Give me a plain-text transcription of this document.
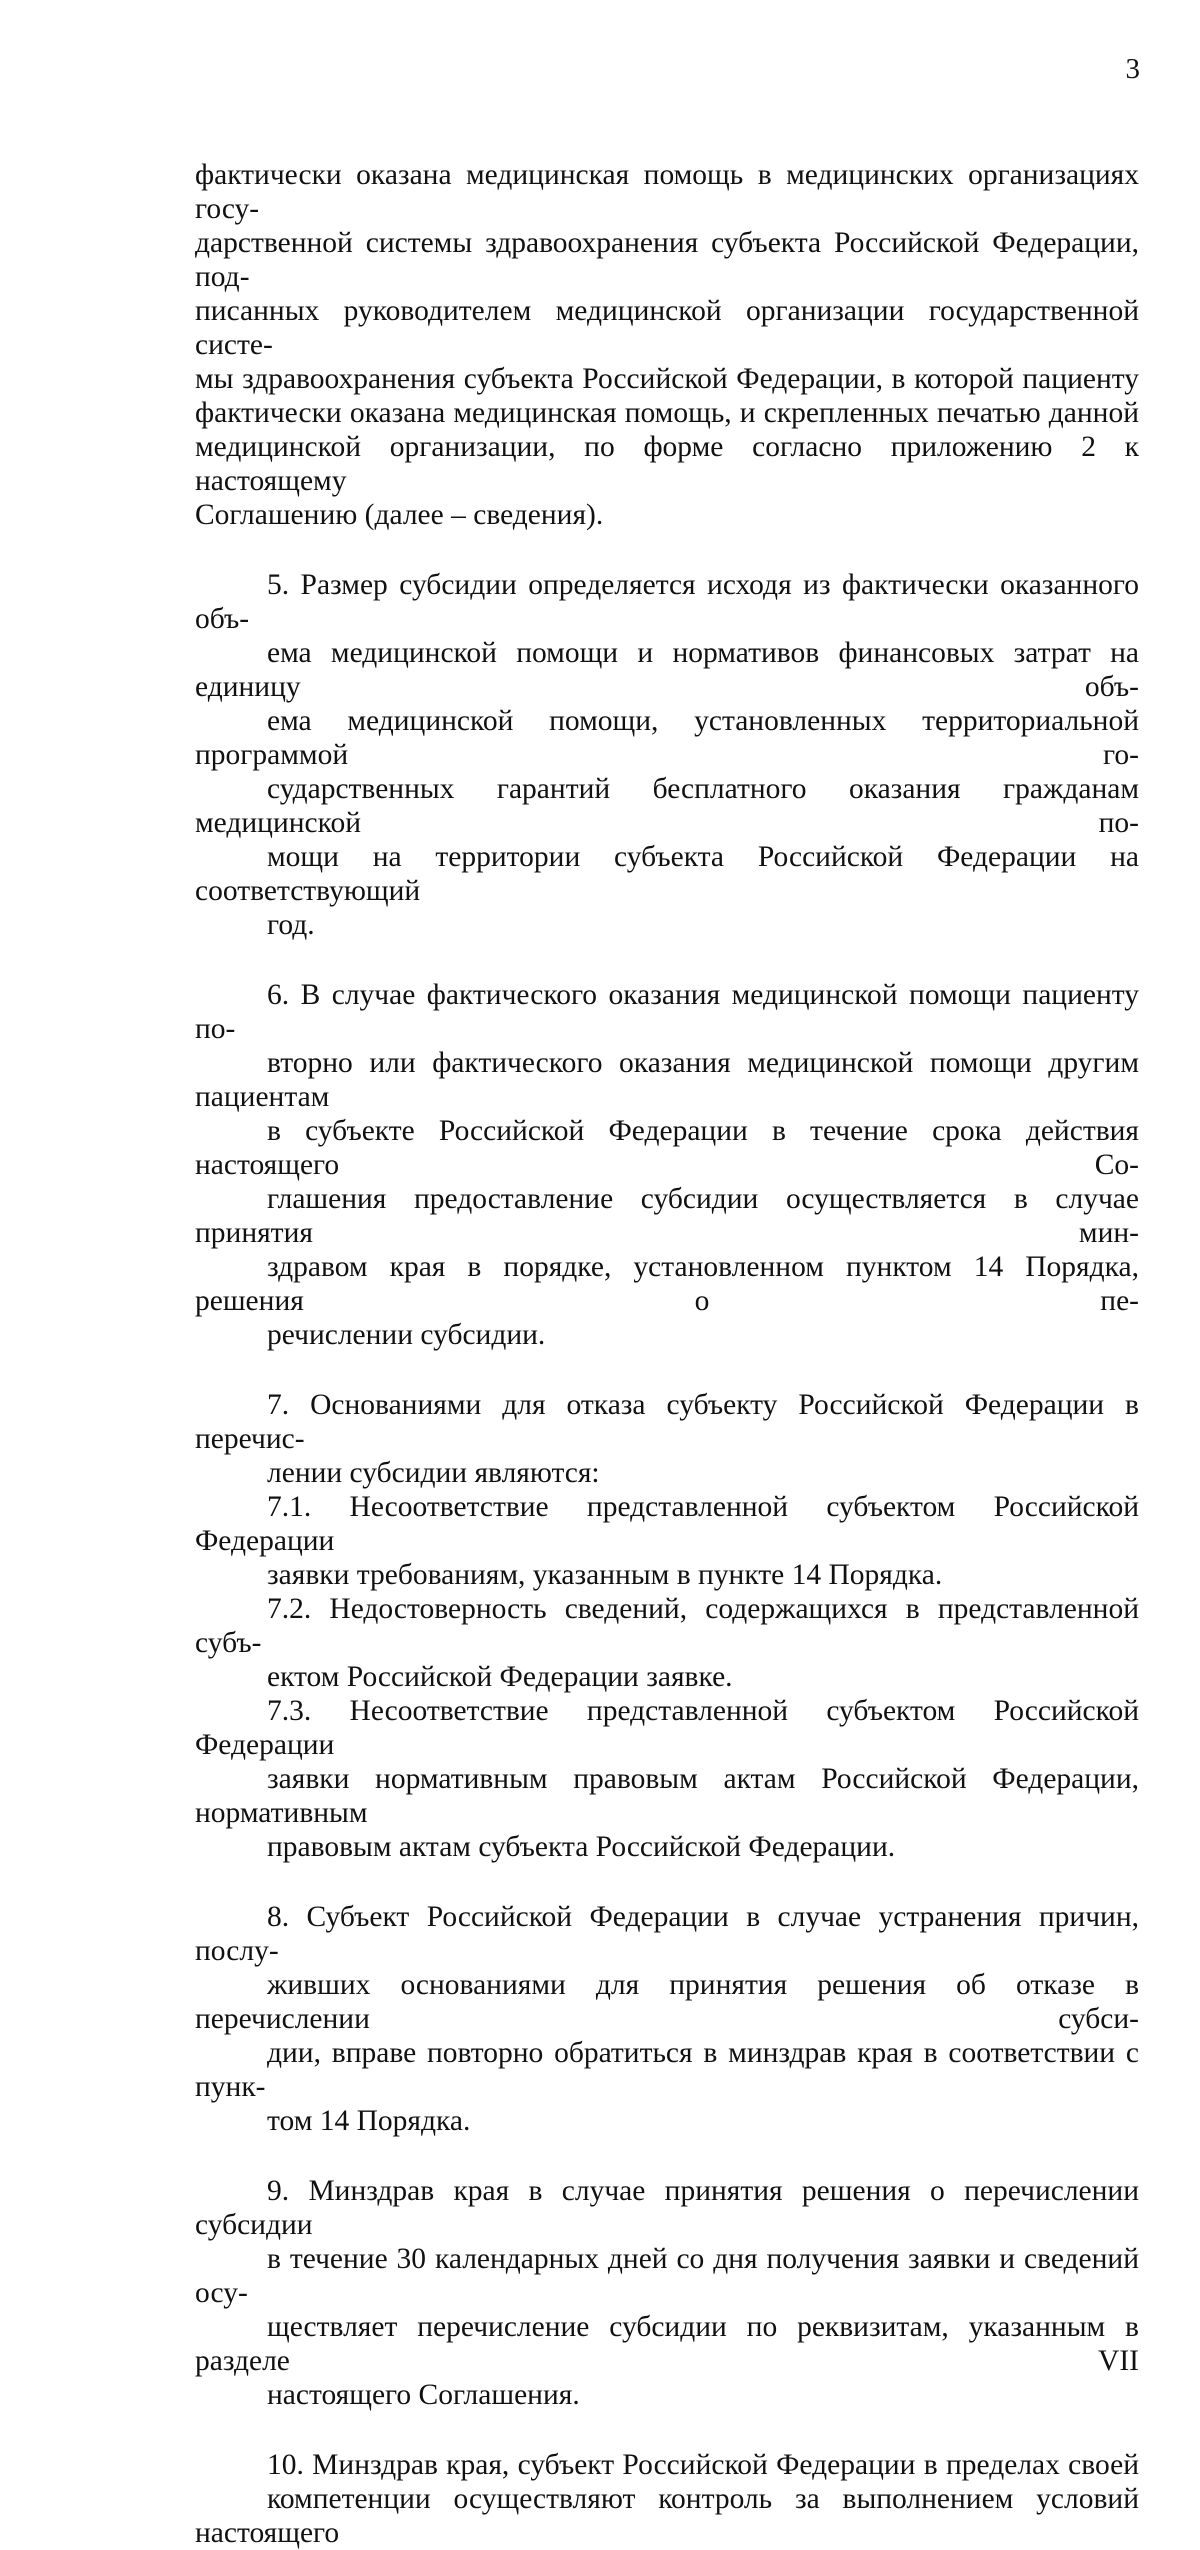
3

фактически оказана медицинская помощь в медицинских организациях госу-
дарственной системы здравоохранения субъекта Российской Федерации, под-
писанных руководителем медицинской организации государственной систе-
мы здравоохранения субъекта Российской Федерации, в которой пациенту
фактически оказана медицинская помощь, и скрепленных печатью данной
медицинской организации, по форме согласно приложению 2 к настоящему
Соглашению (далее – сведения).

5. Размер субсидии определяется исходя из фактически оказанного объ-
ема медицинской помощи и нормативов финансовых затрат на единицу объ-
ема медицинской помощи, установленных территориальной программой го-
сударственных гарантий бесплатного оказания гражданам медицинской по-
мощи на территории субъекта Российской Федерации на соответствующий
год.

6. В случае фактического оказания медицинской помощи пациенту по-
вторно или фактического оказания медицинской помощи другим пациентам
в субъекте Российской Федерации в течение срока действия настоящего Со-
глашения предоставление субсидии осуществляется в случае принятия мин-
здравом края в порядке, установленном пунктом 14 Порядка, решения о пе-
речислении субсидии.

7. Основаниями для отказа субъекту Российской Федерации в перечис-
лении субсидии являются:

7.1. Несоответствие представленной субъектом Российской Федерации
заявки требованиям, указанным в пункте 14 Порядка.

7.2. Недостоверность сведений, содержащихся в представленной субъ-
ектом Российской Федерации заявке.

7.3. Несоответствие представленной субъектом Российской Федерации
заявки нормативным правовым актам Российской Федерации, нормативным
правовым актам субъекта Российской Федерации.

8. Субъект Российской Федерации в случае устранения причин, послу-
живших основаниями для принятия решения об отказе в перечислении субси-
дии, вправе повторно обратиться в минздрав края в соответствии с пунк-
том 14 Порядка.

9. Минздрав края в случае принятия решения о перечислении субсидии
в течение 30 календарных дней со дня получения заявки и сведений осу-
ществляет перечисление субсидии по реквизитам, указанным в разделе VII
настоящего Соглашения.

10. Минздрав края, субъект Российской Федерации в пределах своей
компетенции осуществляют контроль за выполнением условий настоящего
